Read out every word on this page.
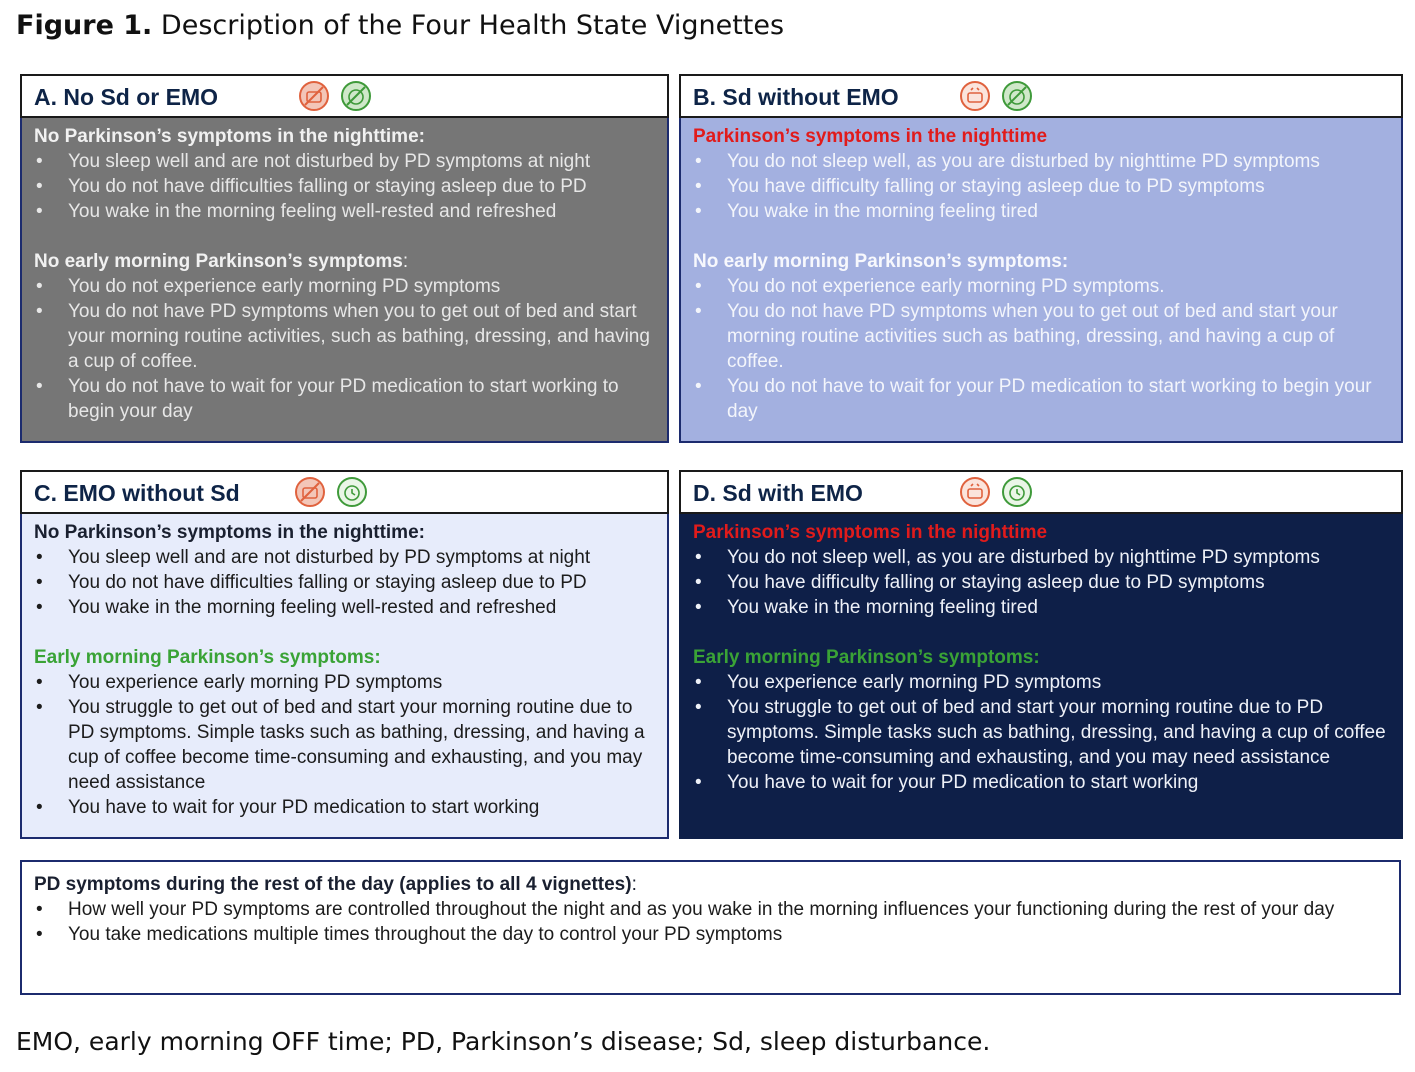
Figure 1. Description of the Four Health State Vignettes
A. No Sd or EMO
No Parkinson’s symptoms in the nighttime:
• You sleep well and are not disturbed by PD symptoms at night
• You do not have difficulties falling or staying asleep due to PD
• You wake in the morning feeling well-rested and refreshed
No early morning Parkinson’s symptoms:
• You do not experience early morning PD symptoms
• You do not have PD symptoms when you to get out of bed and start your morning routine activities, such as bathing, dressing, and having a cup of coffee.
• You do not have to wait for your PD medication to start working to begin your day
B. Sd without EMO
Parkinson’s symptoms in the nighttime
• You do not sleep well, as you are disturbed by nighttime PD symptoms
• You have difficulty falling or staying asleep due to PD symptoms
• You wake in the morning feeling tired
No early morning Parkinson’s symptoms:
• You do not experience early morning PD symptoms.
• You do not have PD symptoms when you to get out of bed and start your morning routine activities such as bathing, dressing, and having a cup of coffee.
• You do not have to wait for your PD medication to start working to begin your day
C. EMO without Sd
No Parkinson’s symptoms in the nighttime:
• You sleep well and are not disturbed by PD symptoms at night
• You do not have difficulties falling or staying asleep due to PD
• You wake in the morning feeling well-rested and refreshed
Early morning Parkinson’s symptoms:
• You experience early morning PD symptoms
• You struggle to get out of bed and start your morning routine due to PD symptoms. Simple tasks such as bathing, dressing, and having a cup of coffee become time-consuming and exhausting, and you may need assistance
• You have to wait for your PD medication to start working
D. Sd with EMO
Parkinson’s symptoms in the nighttime
• You do not sleep well, as you are disturbed by nighttime PD symptoms
• You have difficulty falling or staying asleep due to PD symptoms
• You wake in the morning feeling tired
Early morning Parkinson’s symptoms:
• You experience early morning PD symptoms
• You struggle to get out of bed and start your morning routine due to PD symptoms. Simple tasks such as bathing, dressing, and having a cup of coffee become time-consuming and exhausting, and you may need assistance
• You have to wait for your PD medication to start working
PD symptoms during the rest of the day (applies to all 4 vignettes):
• How well your PD symptoms are controlled throughout the night and as you wake in the morning influences your functioning during the rest of your day
• You take medications multiple times throughout the day to control your PD symptoms
EMO, early morning OFF time; PD, Parkinson’s disease; Sd, sleep disturbance.
